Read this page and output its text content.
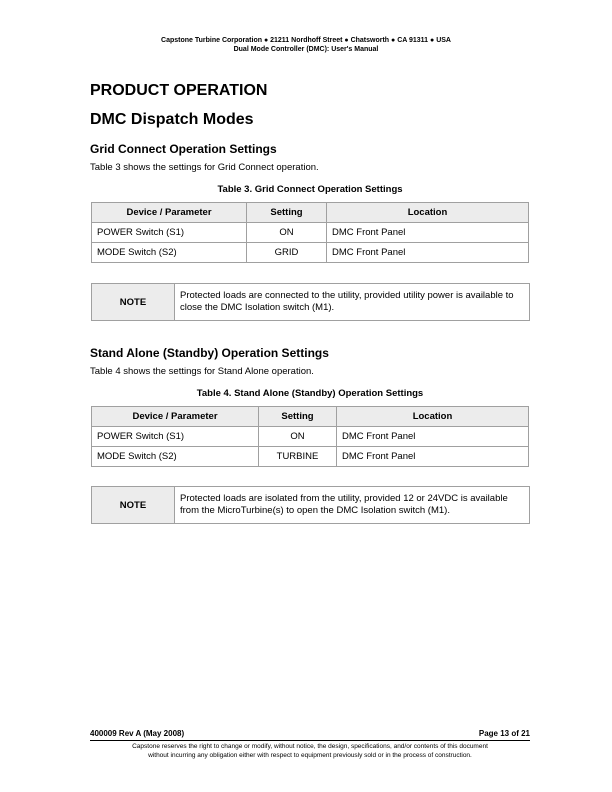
Capstone Turbine Corporation ● 21211 Nordhoff Street ● Chatsworth ● CA 91311 ● USA
Dual Mode Controller (DMC): User's Manual
PRODUCT OPERATION
DMC Dispatch Modes
Grid Connect Operation Settings
Table 3 shows the settings for Grid Connect operation.
Table 3. Grid Connect Operation Settings
Device / Parameter	Setting	Location
POWER Switch (S1)	ON	DMC Front Panel
MODE Switch (S2)	GRID	DMC Front Panel
NOTE
Protected loads are connected to the utility, provided utility power is available to close the DMC Isolation switch (M1).
Stand Alone (Standby) Operation Settings
Table 4 shows the settings for Stand Alone operation.
Table 4. Stand Alone (Standby) Operation Settings
Device / Parameter	Setting	Location
POWER Switch (S1)	ON	DMC Front Panel
MODE Switch (S2)	TURBINE	DMC Front Panel
NOTE
Protected loads are isolated from the utility, provided 12 or 24VDC is available from the MicroTurbine(s) to open the DMC Isolation switch (M1).
400009 Rev A (May 2008)	Page 13 of 21
Capstone reserves the right to change or modify, without notice, the design, specifications, and/or contents of this document
without incurring any obligation either with respect to equipment previously sold or in the process of construction.
